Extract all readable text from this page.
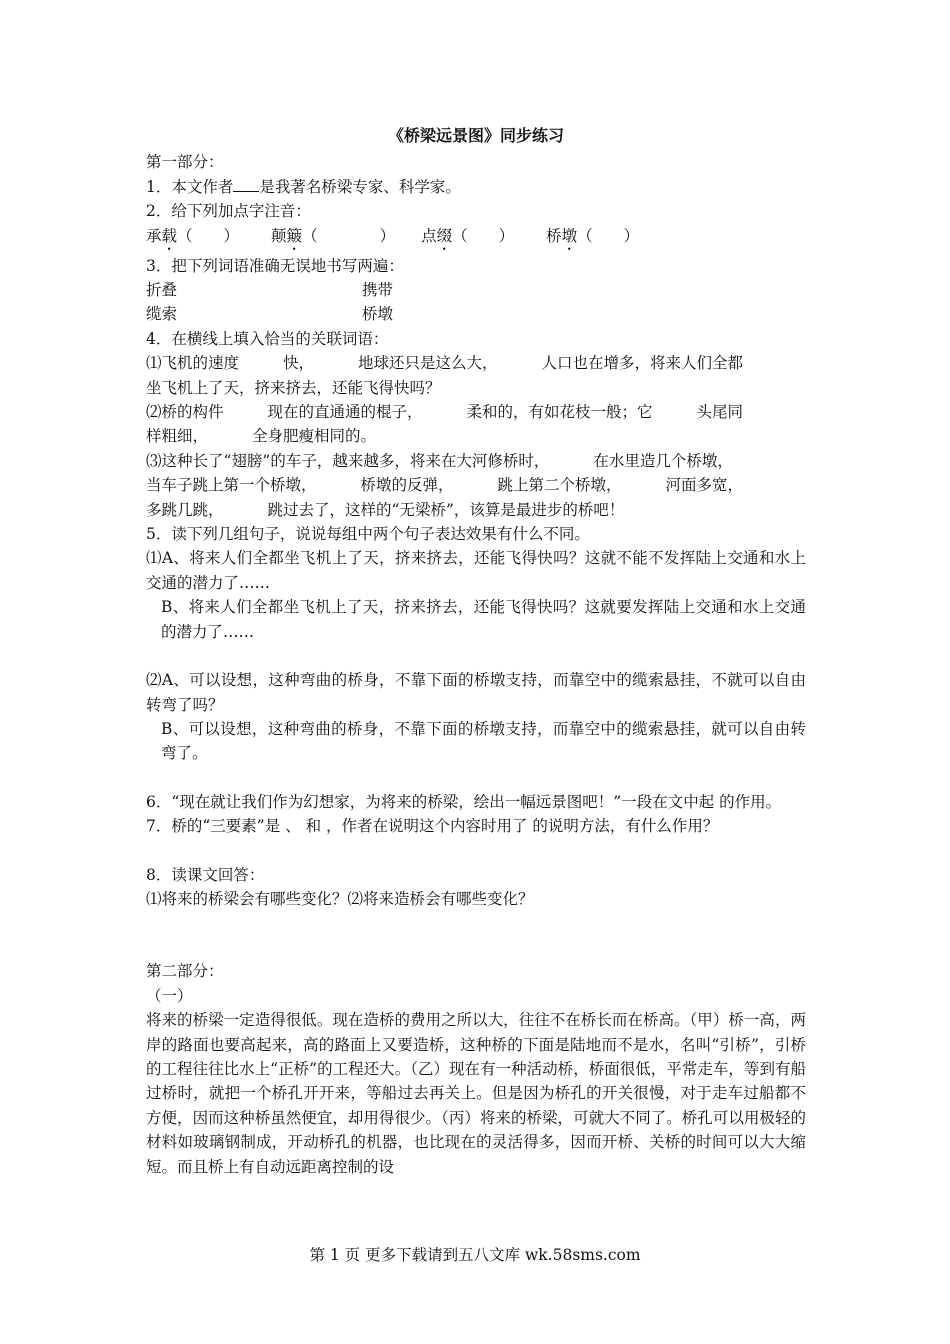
《桥梁远景图》同步练习
第一部分：
1．本文作者 是我著名桥梁专家、科学家。
2．给下列加点字注音：
承载（　　） 颠簸（　　　　） 点缀（　　） 桥墩（　　）
3．把下列词语准确无误地书写两遍：
折叠	携带
缆索	桥墩
4．在横线上填入恰当的关联词语：
⑴飞机的速度	快，	地球还只是这么大，	人口也在增多，将来人们全都
坐飞机上了天，挤来挤去，还能飞得快吗？
⑵桥的构件	现在的直通通的棍子，	柔和的，有如花枝一般；它	头尾同
样粗细，	全身肥瘦相同的。
⑶这种长了“翅膀”的车子，越来越多，将来在大河修桥时，	在水里造几个桥墩，
当车子跳上第一个桥墩，	桥墩的反弹，	跳上第二个桥墩，	河面多宽，
多跳几跳，	跳过去了，这样的“无梁桥”，该算是最进步的桥吧！
5．读下列几组句子，说说每组中两个句子表达效果有什么不同。
⑴A、将来人们全都坐飞机上了天，挤来挤去，还能飞得快吗？这就不能不发挥陆上交通和水上交通的潜力了……
B、将来人们全都坐飞机上了天，挤来挤去，还能飞得快吗？这就要发挥陆上交通和水上交通的潜力了……
⑵A、可以设想，这种弯曲的桥身，不靠下面的桥墩支持，而靠空中的缆索悬挂，不就可以自由转弯了吗？
B、可以设想，这种弯曲的桥身，不靠下面的桥墩支持，而靠空中的缆索悬挂，就可以自由转弯了。
6．“现在就让我们作为幻想家，为将来的桥梁，绘出一幅远景图吧！”一段在文中起 的作用。
7．桥的“三要素”是 、 和 ，作者在说明这个内容时用了 的说明方法，有什么作用？
8．读课文回答：
⑴将来的桥梁会有哪些变化？⑵将来造桥会有哪些变化？
第二部分：
（一）
将来的桥梁一定造得很低。现在造桥的费用之所以大，往往不在桥长而在桥高。（甲）桥一高，两岸的路面也要高起来，高的路面上又要造桥，这种桥的下面是陆地而不是水，名叫“引桥”，引桥的工程往往比水上“正桥”的工程还大。（乙）现在有一种活动桥，桥面很低，平常走车，等到有船过桥时，就把一个桥孔开开来，等船过去再关上。但是因为桥孔的开关很慢，对于走车过船都不方便，因而这种桥虽然便宜，却用得很少。（丙）将来的桥梁，可就大不同了。桥孔可以用极轻的材料如玻璃钢制成，开动桥孔的机器，也比现在的灵活得多，因而开桥、关桥的时间可以大大缩短。而且桥上有自动远距离控制的设
第 1 页 更多下载请到五八文库 wk.58sms.com
